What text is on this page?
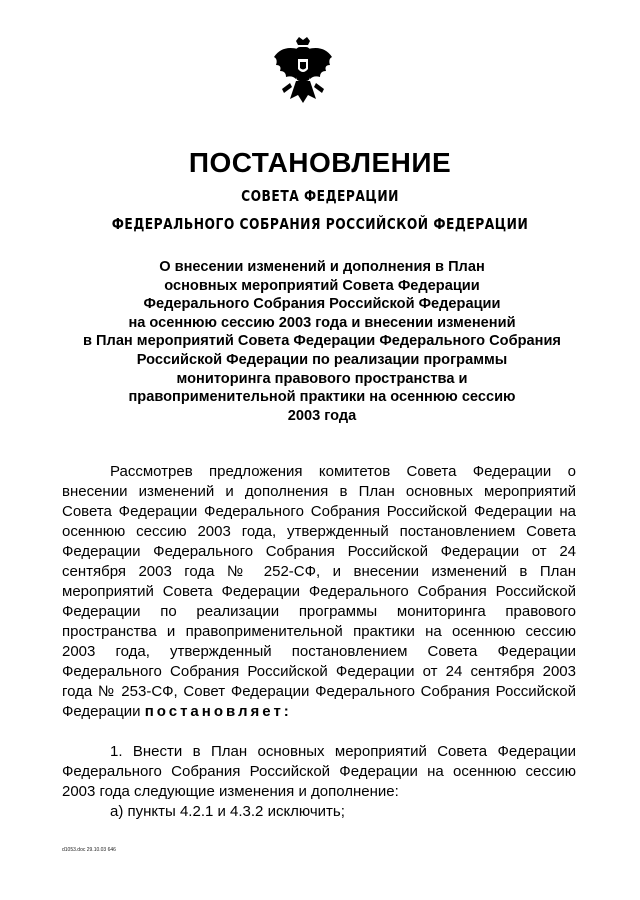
ПОСТАНОВЛЕНИЕ
СОВЕТА ФЕДЕРАЦИИ
ФЕДЕРАЛЬНОГО СОБРАНИЯ РОССИЙСКОЙ ФЕДЕРАЦИИ
О внесении изменений и дополнения в План
основных мероприятий Совета Федерации
Федерального Собрания Российской Федерации
на осеннюю сессию 2003 года и внесении изменений
в План мероприятий Совета Федерации Федерального Собрания
Российской Федерации по реализации программы
мониторинга правового пространства и
правоприменительной практики на осеннюю сессию
2003 года

Рассмотрев предложения комитетов Совета Федерации о внесении изменений и дополнения в План основных мероприятий Совета Федерации Федерального Собрания Российской Федерации на осеннюю сессию 2003 года, утвержденный постановлением Совета Федерации Федерального Собрания Российской Федерации от 24 сентября 2003 года № 252-СФ, и внесении изменений в План мероприятий Совета Федерации Федерального Собрания Российской Федерации по реализации программы мониторинга правового пространства и правоприменительной практики на осеннюю сессию 2003 года, утвержденный постановлением Совета Федерации Федерального Собрания Российской Федерации от 24 сентября 2003 года № 253-СФ, Совет Федерации Федерального Собрания Российской Федерации постановляет:

1. Внести в План основных мероприятий Совета Федерации Федерального Собрания Российской Федерации на осеннюю сессию 2003 года следующие изменения и дополнение:

а) пункты 4.2.1 и 4.3.2 исключить;

d1053.doc 29.10.03 646
